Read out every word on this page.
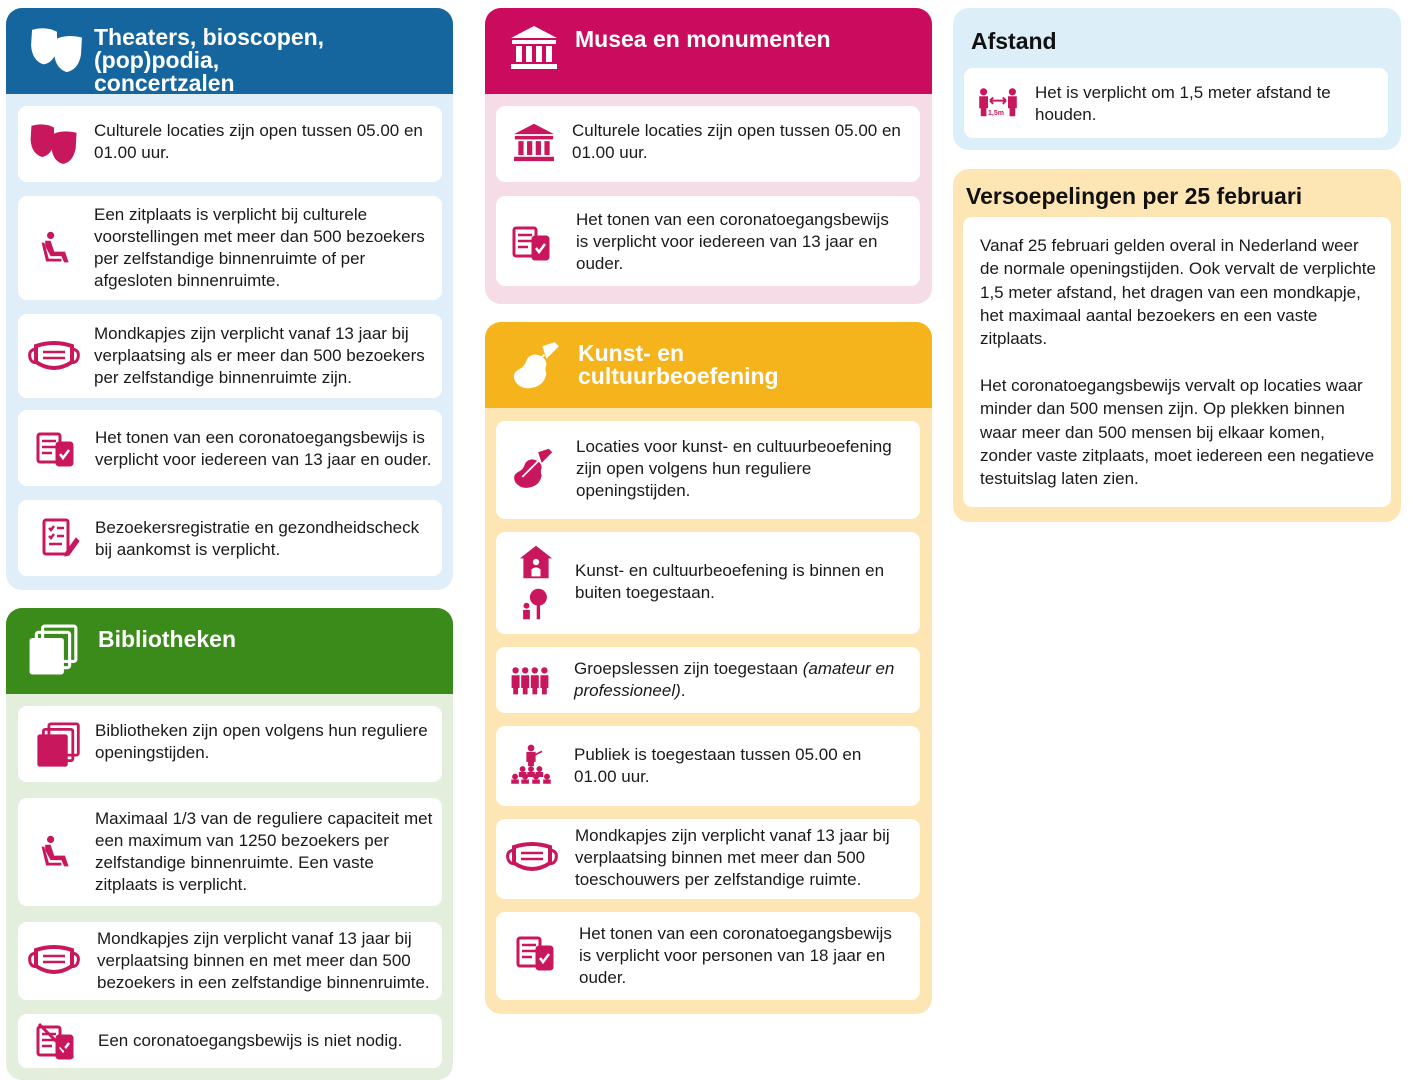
Theaters, bioscopen, (pop)podia,
concertzalen
Culturele locaties zijn open tussen 05.00 en 01.00 uur.
Een zitplaats is verplicht bij culturele voorstellingen met meer dan 500 bezoekers per zelfstandige binnenruimte of per afgesloten binnenruimte.
Mondkapjes zijn verplicht vanaf 13 jaar bij verplaatsing als er meer dan 500 bezoekers per zelfstandige binnenruimte zijn.
Het tonen van een coronatoegangsbewijs is verplicht voor iedereen van 13 jaar en ouder.
Bezoekersregistratie en gezondheidscheck bij aankomst is verplicht.
Bibliotheken
Bibliotheken zijn open volgens hun reguliere openingstijden.
Maximaal 1/3 van de reguliere capaciteit met een maximum van 1250 bezoekers per zelfstandige binnenruimte. Een vaste zitplaats is verplicht.
Mondkapjes zijn verplicht vanaf 13 jaar bij verplaatsing binnen en met meer dan 500 bezoekers in een zelfstandige binnenruimte.
Een coronatoegangsbewijs is niet nodig.
Musea en monumenten
Culturele locaties zijn open tussen 05.00 en 01.00 uur.
Het tonen van een coronatoegangsbewijs is verplicht voor iedereen van 13 jaar en ouder.
Kunst- en
cultuurbeoefening
Locaties voor kunst- en cultuurbeoefening zijn open volgens hun reguliere openingstijden.
Kunst- en cultuurbeoefening is binnen en buiten toegestaan.
Groepslessen zijn toegestaan (amateur en professioneel).
Publiek is toegestaan tussen 05.00 en 01.00 uur.
Mondkapjes zijn verplicht vanaf 13 jaar bij verplaatsing binnen met meer dan 500 toeschouwers per zelfstandige ruimte.
Het tonen van een coronatoegangsbewijs is verplicht voor personen van 18 jaar en ouder.
Afstand
1,5m
Het is verplicht om 1,5 meter afstand te houden.
Versoepelingen per 25 februari

Vanaf 25 februari gelden overal in Nederland weer de normale openingstijden. Ook vervalt de verplichte 1,5 meter afstand, het dragen van een mondkapje, het maximaal aantal bezoekers en een vaste zitplaats.

Het coronatoegangsbewijs vervalt op locaties waar minder dan 500 mensen zijn. Op plekken binnen waar meer dan 500 mensen bij elkaar komen, zonder vaste zitplaats, moet iedereen een negatieve testuitslag laten zien.
